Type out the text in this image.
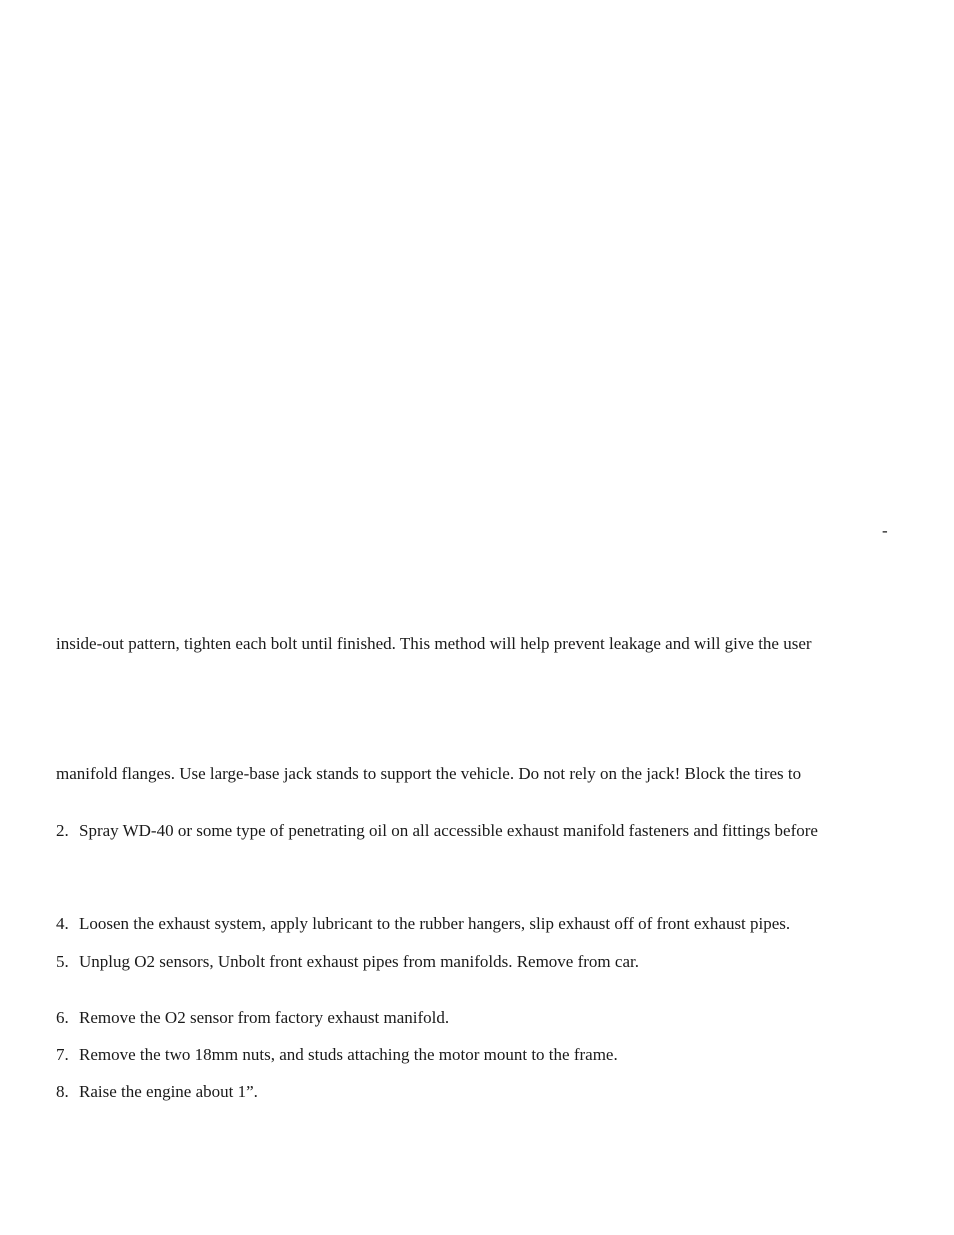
-
inside-out pattern, tighten each bolt until finished. This method will help prevent leakage and will give the user
manifold flanges. Use large-base jack stands to support the vehicle. Do not rely on the jack! Block the tires to
2. Spray WD-40 or some type of penetrating oil on all accessible exhaust manifold fasteners and fittings before
4. Loosen the exhaust system, apply lubricant to the rubber hangers, slip exhaust off of front exhaust pipes.
5. Unplug O2 sensors, Unbolt front exhaust pipes from manifolds. Remove from car.
6. Remove the O2 sensor from factory exhaust manifold.
7. Remove the two 18mm nuts, and studs attaching the motor mount to the frame.
8. Raise the engine about 1”.
